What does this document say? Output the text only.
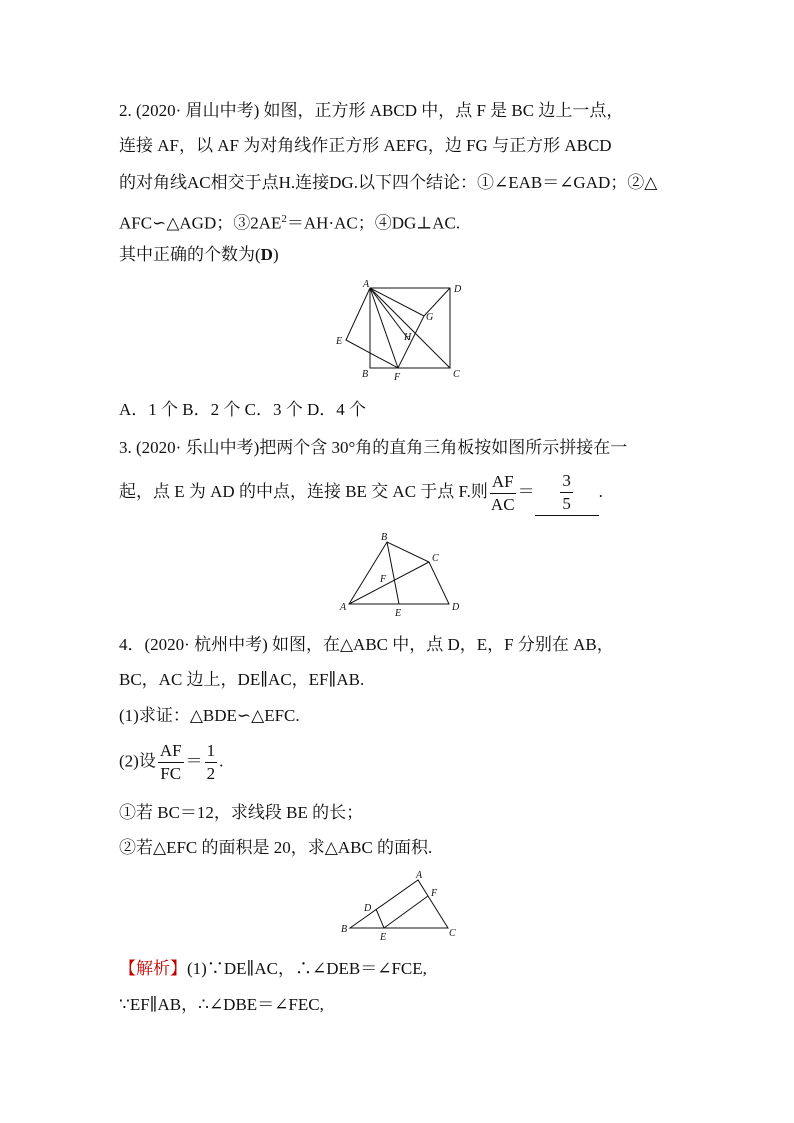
2. (2020· 眉山中考) 如图，正方形 ABCD 中，点 F 是 BC 边上一点，
连接 AF，以 AF 为对角线作正方形 AEFG，边 FG 与正方形 ABCD
的对角线AC相交于点H.连接DG.以下四个结论：①∠EAB＝∠GAD；②△
AFC∽△AGD；$③2AE^2=AH\cdot AC$；④DG⊥AC.
其中正确的个数为(D)
A	D
B	C
E
F
G
H
A．1 个 B．2 个 C．3 个 D．4 个
3. (2020· 乐山中考)把两个含 30°角的直角三角板按如图所示拼接在一
起，点 E 为 AD 的中点，连接 BE 交 AC 于点 F.则 $\frac{AF}{AC} = \frac{3}{5}$ .
A
B
C
D
E
F
4．(2020· 杭州中考) 如图，在△ABC 中，点 D，E，F 分别在 AB，
BC，AC 边上，DE∥AC，EF∥AB.
(1)求证：△BDE∽△EFC.
(2)设 $\frac{AF}{FC} = \frac{1}{2}$ .
①若 BC＝12，求线段 BE 的长；
②若△EFC 的面积是 20，求△ABC 的面积.
A
B	C
D
E
F
【解析】(1)∵DE∥AC，∴∠DEB＝∠FCE,
∵EF∥AB，∴∠DBE＝∠FEC,
